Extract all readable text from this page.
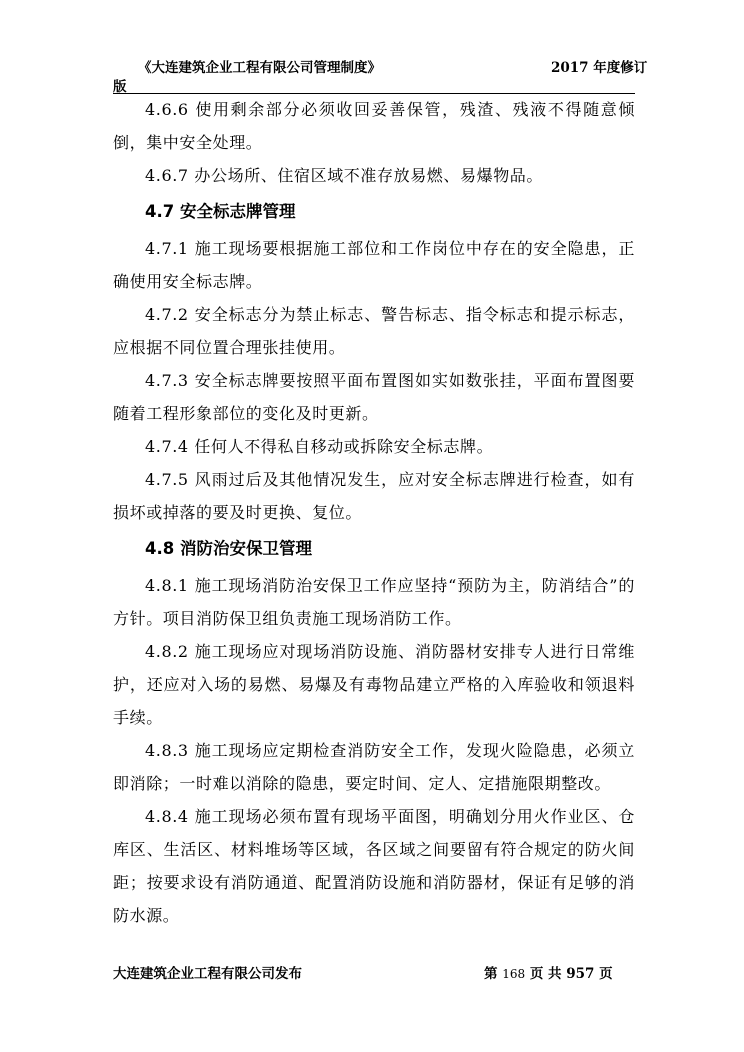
《大连建筑企业工程有限公司管理制度》	2017 年度修订
版

4.6.6 使用剩余部分必须收回妥善保管，残渣、残液不得随意倾倒，集中安全处理。

4.6.7 办公场所、住宿区域不准存放易燃、易爆物品。

4.7 安全标志牌管理

4.7.1 施工现场要根据施工部位和工作岗位中存在的安全隐患，正确使用安全标志牌。

4.7.2 安全标志分为禁止标志、警告标志、指令标志和提示标志，应根据不同位置合理张挂使用。

4.7.3 安全标志牌要按照平面布置图如实如数张挂，平面布置图要随着工程形象部位的变化及时更新。

4.7.4 任何人不得私自移动或拆除安全标志牌。

4.7.5 风雨过后及其他情况发生，应对安全标志牌进行检查，如有损坏或掉落的要及时更换、复位。

4.8 消防治安保卫管理

4.8.1 施工现场消防治安保卫工作应坚持“预防为主，防消结合”的方针。项目消防保卫组负责施工现场消防工作。

4.8.2 施工现场应对现场消防设施、消防器材安排专人进行日常维护，还应对入场的易燃、易爆及有毒物品建立严格的入库验收和领退料手续。

4.8.3 施工现场应定期检查消防安全工作，发现火险隐患，必须立即消除；一时难以消除的隐患，要定时间、定人、定措施限期整改。

4.8.4 施工现场必须布置有现场平面图，明确划分用火作业区、仓库区、生活区、材料堆场等区域，各区域之间要留有符合规定的防火间距；按要求设有消防通道、配置消防设施和消防器材，保证有足够的消防水源。

大连建筑企业工程有限公司发布	第 168 页 共 957 页
